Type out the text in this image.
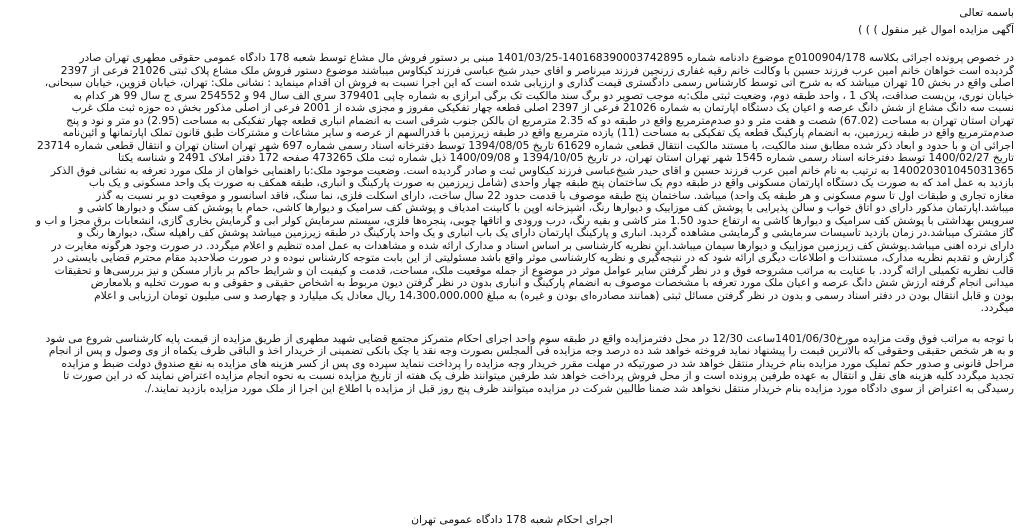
باسمه تعالی
آگهی مزایده اموال غیر منقول ) ) )
در خصوص پرونده اجرائی بکلاسه 0100904/178ج موضوع دادنامه شماره 140168390003742895-1401/03/25 مبنی بر دستور فروش مال مشاع توسط شعبه 178 دادگاه عمومی حقوقی مطهری تهران صادر
گردیده است خواهان خانم آمین عرب فرزند حسین با وکالت خانم رقیه غفاری زرنجین فرزند میرناصر و آقای حیدر شیخ عباسی فرزند کیکاوس میباشند موضوع دستور فروش ملک مشاع پلاک ثبتی 21026 فرعی از 2397
اصلی واقع در بخش 10 تهران میباشد که به شرح آتی توسط کارشناس رسمی دادگستری قیمت گذاری و ارزیابی شده است که این اجرا نسبت به فروش آن اقدام مینماید : نشانی ملک: تهران، خیابان قزوین، خیابان سبحانی،
خیابان نوری، بن‌بست صداقت، پلاک 1 ، واحد طبقه دوم، وضعیت ثبتی ملک:به موجب تصویر دو برگ سند مالکیت تک برگی ابرازی به شماره چاپی 379401 سری الف سال 94 و 254552 سری ج سال 99 هر کدام به
نسبت سه دانگ مشاع از شش دانگ عرصه و اعیان یک دستگاه آپارتمان به شماره 21026 فرعی از 2397 اصلی قطعه چهار تفکیکی مفروز و مجزی شده از 2001 فرعی از اصلی مذکور بخش ده حوزه ثبت ملک غرب
تهران استان تهران به مساحت (67.02) شصت و هفت متر و دو صدم‌مترمربع واقع در طبقه دو که 2.35 مترمربع آن بالکن جنوب شرقی است به انضمام انباری قطعه چهار تفکیکی به مساحت (2.95) دو متر و نود و پنج
صدم‌مترمربع واقع در طبقه زیرزمین، به انضمام پارکینگ قطعه یک تفکیکی به مساحت (11) یازده مترمربع واقع در طبقه زیرزمین با قدرالسهم از عرصه و سایر مشاعات و مشترکات طبق قانون تملک آپارتمانها و آئین‌نامه
اجرائی آن و با حدود و ابعاد ذکر شده مطابق سند مالکیت، با مستند مالکیت انتقال قطعی شماره 61629 تاریخ 1394/08/05 توسط دفترخانه اسناد رسمی شماره 697 شهر تهران استان تهران و انتقال قطعی شماره 23714
تاریخ 1400/02/27 توسط دفترخانه اسناد رسمی شماره 1545 شهر تهران استان تهران، در تاریخ 1394/10/05 و 1400/09/08 ذیل شماره ثبت ملک 473265 صفحه 172 دفتر املاک 2491 و شناسه یکتا
140020301045031365 به ترتیب به نام خانم آمین عرب فرزند حسین و آقای حیدر شیخ‌عباسی فرزند کیکاوس ثبت و صادر گردیده است. وضعیت موجود ملک:با راهنمایی خواهان از ملک مورد تعرفه به نشانی فوق الذکر
بازدید به عمل آمد که به صورت یک دستگاه آپارتمان مسکونی واقع در طبقه دوم یک ساختمان پنج طبقه چهار واحدی (شامل زیرزمین به صورت پارکینگ و انباری، طبقه همکف به صورت یک واحد مسکونی و یک باب
مغازه تجاری و طبقات اول تا سوم مسکونی و هر طبقه یک واحد) میباشد. ساختمان پنج طبقه موصوف با قدمت حدود 22 سال ساخت، دارای اسکلت فلزی، نما سنگ، فاقد آسانسور و موقعیت دو بر نسبت به گذر
میباشد.آپارتمان مذکور دارای دو اتاق خواب و سالن پذیرایی با پوشش کف موزاییک و دیوارها رنگ، آشپزخانه اوپن با کابینت امدیاف و پوشش کف سرامیک و دیوارها کاشی، حمام با پوشش کف سنگ و دیوارها کاشی و
سرویس بهداشتی با پوشش کف سرامیک و دیوارها کاشی به ارتفاع حدود 1.50 متر کاشی و بقیه رنگ، درب ورودی و اتاقها چوبی، پنجره‌ها فلزی، سیستم سرمایش کولر آبی و گرمایش بخاری گازی، انشعابات برق مجزا و آب و
گاز مشترک میباشد.در زمان بازدید تاسیسات سرمایشی و گرمایشی مشاهده گردید. انباری و پارکینگ آپارتمان دارای یک باب انباری و یک واحد پارکینگ در طبقه زیرزمین میباشد پوشش کف راهپله سنگ، دیوارها رنگ و
دارای نرده آهنی میباشد.پوشش کف زیرزمین موزاییک و دیوارها سیمان میباشد.این نظریه کارشناسی بر اساس اسناد و مدارک ارائه شده و مشاهدات به عمل آمده تنظیم و اعلام میگردد. در صورت وجود هرگونه مغایرت در
گزارش و تقدیم نظریه مدارک، مستندات و اطلاعات دیگری ارائه شود که در نتیجه‌گیری و نظریه کارشناسی موثر واقع باشد مسئولیتی از این بابت متوجه کارشناس نبوده و در صورت صلاحدید مقام محترم قضایی بایستی در
قالب نظریه تکمیلی ارائه گردد. با عنایت به مراتب مشروحه فوق و در نظر گرفتن سایر عوامل موثر در موضوع از جمله موقعیت ملک، مساحت، قدمت و کیفیت آن و شرایط حاکم بر بازار مسکن و نیز بررسی‌ها و تحقیقات
میدانی انجام گرفته ارزش شش دانگ عرصه و اعیان ملک مورد تعرفه با مشخصات موصوف به انضمام پارکینگ و انباری بدون در نظر گرفتن دیون مربوط به اشخاص حقیقی و حقوقی و به صورت تخلیه و بلامعارض
بودن و قابل انتقال بودن در دفتر اسناد رسمی و بدون در نظر گرفتن مسائل ثبتی (همانند مصادره‌ای بودن و غیره) به مبلغ 14،300،000،000 ریال معادل یک میلیارد و چهارصد و سی میلیون تومان ارزیابی و اعلام
میگردد.
با توجه به مراتب فوق وقت مزایده مورخ1401/06/30ساعت 12/30 در محل دفترمزایده واقع در طبقه سوم واحد اجرای احکام متمرکز مجتمع قضایی شهید مطهری از طریق مزایده از قیمت پایه کارشناسی شروع می شود
و به هر شخص حقیقی وحقوقی که بالاترین قیمت را پیشنهاد نماید فروخته خواهد شد ده درصد وجه مزایده فی المجلس بصورت وجه نقد یا چک بانکی تضمینی از خریدار اخذ و الباقی ظرف یکماه از وی وصول و پس از انجام
مراحل قانونی و صدور حکم تملیک مورد مزایده بنام خریدار منتقل خواهد شد در صورتیکه در مهلت مقرر خریدار وجه مزایده را پرداخت ننماید سپرده وی پس از کسر هزینه های مزایده به نفع صندوق دولت ضبط و مزایده
تجدید میگردد کلیه هزینه های نقل و انتقال به عهده طرفین پرونده است و از محل فروش پرداخت خواهد شد طرفین میتوانند ظرف یک هفته از تاریخ مزایده نسبت به نحوه انجام مزایده اعتراض نمایند که در این صورت تا
رسیدگی به اعتراض از سوی دادگاه مورد مزایده بنام خریدار منتقل نخواهد شد ضمنا طالبین شرکت در مزایده میتوانند ظرف پنج روز قبل از مزایده با اطلاع این اجرا از ملک مورد مزایده بازدید نمایند./.
اجرای احکام شعبه 178 دادگاه عمومی تهران
